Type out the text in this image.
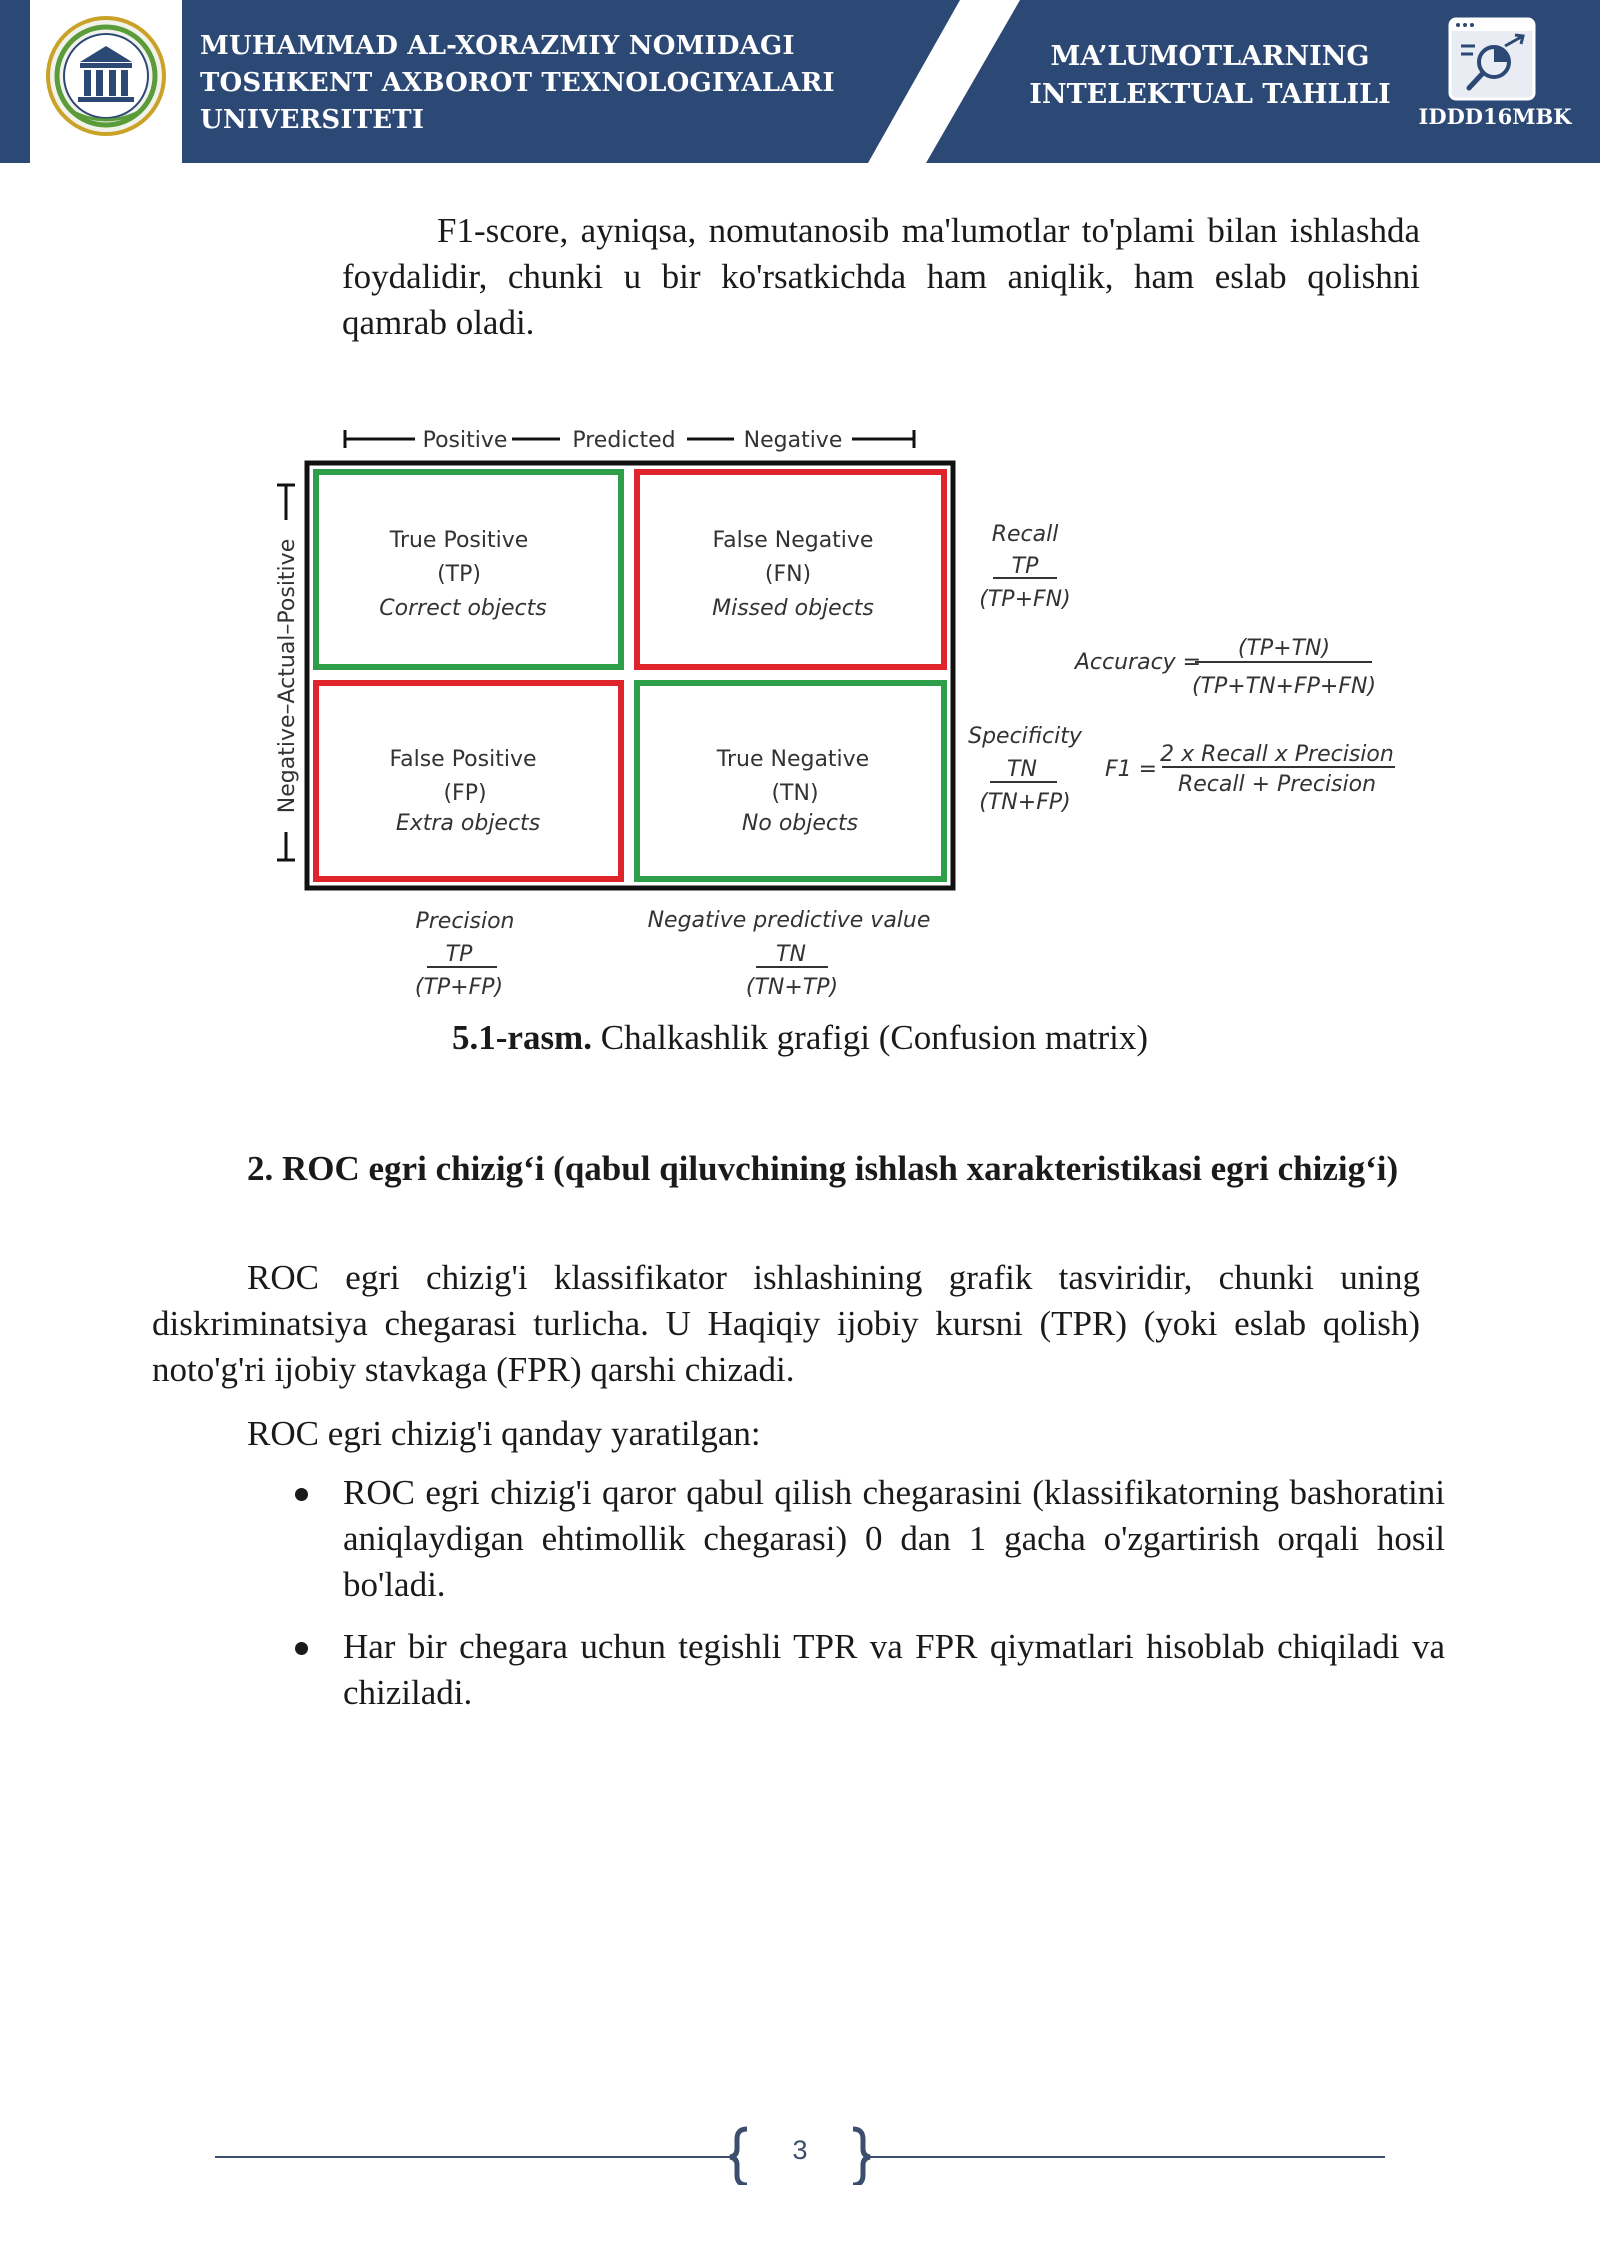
MUHAMMAD AL-XORAZMIY NOMIDAGI
TOSHKENT AXBOROT TEXNOLOGIYALARI
UNIVERSITETI
MA’LUMOTLARNING
INTELEKTUAL TAHLILI
IDDD16MBK
F1-score, ayniqsa, nomutanosib ma'lumotlar to'plami bilan ishlashda foydalidir, chunki u bir ko'rsatkichda ham aniqlik, ham eslab qolishni qamrab oladi.
Positive	Predicted	Negative
Negative–Actual–Positive	True Positive
(TP)
Correct objects
False Negative
(FN)
Missed objects
False Positive
(FP)
Extra objects
True Negative
(TN)
No objects
Recall
TP
(TP+FN)
Specificity
TN
(TN+FP)
Precision
TP
(TP+FP)
Negative predictive value
TN
(TN+TP)
Accuracy =
(TP+TN)
(TP+TN+FP+FN)
F1 =
2 x Recall x Precision
Recall + Precision
5.1-rasm. Chalkashlik grafigi (Confusion matrix)
2. ROC egri chizig‘i (qabul qiluvchining ishlash xarakteristikasi egri chizig‘i)
ROC egri chizig'i klassifikator ishlashining grafik tasviridir, chunki uning diskriminatsiya chegarasi turlicha. U Haqiqiy ijobiy kursni (TPR) (yoki eslab qolish) noto'g'ri ijobiy stavkaga (FPR) qarshi chizadi.
ROC egri chizig'i qanday yaratilgan:
ROC egri chizig'i qaror qabul qilish chegarasini (klassifikatorning bashoratini aniqlaydigan ehtimollik chegarasi) 0 dan 1 gacha o'zgartirish orqali hosil bo'ladi.
Har bir chegara uchun tegishli TPR va FPR qiymatlari hisoblab chiqiladi va chiziladi.
3
